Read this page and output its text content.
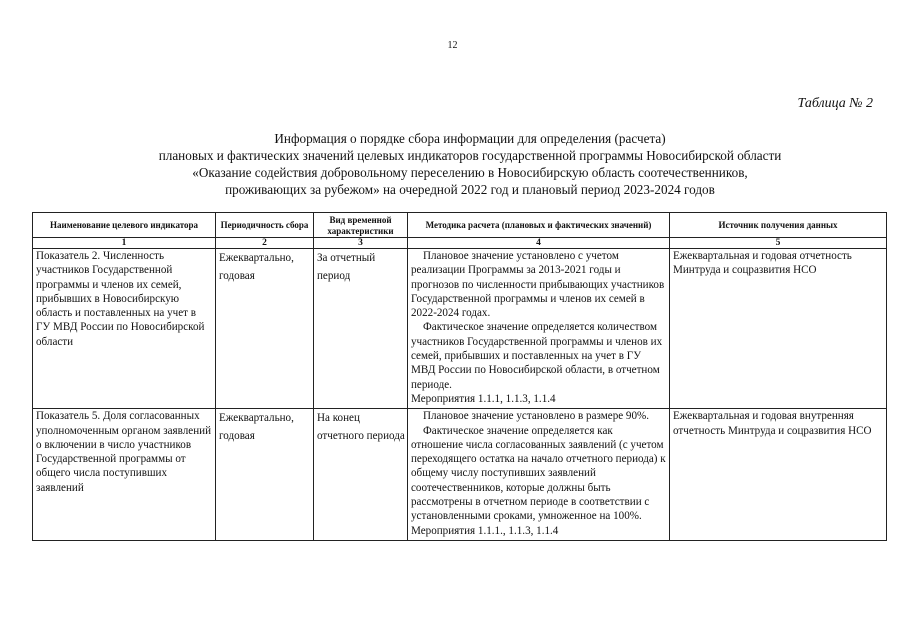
12
Таблица № 2
Информация о порядке сбора информации для определения (расчета)
плановых и фактических значений целевых индикаторов государственной программы Новосибирской области
«Оказание содействия добровольному переселению в Новосибирскую область соотечественников,
проживающих за рубежом» на очередной 2022 год и плановый период 2023-2024 годов
Наименование целевого индикатора	Периодичность сбора	Вид временной характеристики	Методика расчета (плановых и фактических значений)	Источник получения данных
1	2	3	4	5
Показатель 2. Численность участников Государственной программы и членов их семей, прибывших в Новосибирскую область и поставленных на учет в ГУ МВД России по Новосибирской области	Ежеквартально, годовая	За отчетный период	Плановое значение установлено с учетом реализации Программы за 2013-2021 годы и прогнозов по численности прибывающих участников Государственной программы и членов их семей в 2022-2024 годах.
Фактическое значение определяется количеством участников Государственной программы и членов их семей, прибывших и поставленных на учет в ГУ МВД России по Новосибирской области, в отчетном периоде.
Мероприятия 1.1.1, 1.1.3, 1.1.4	Ежеквартальная и годовая отчетность Минтруда и соцразвития НСО
Показатель 5. Доля согласованных уполномоченным органом заявлений о включении в число участников Государственной программы от общего числа поступивших заявлений	Ежеквартально, годовая	На конец отчетного периода	Плановое значение установлено в размере 90%.
Фактическое значение определяется как отношение числа согласованных заявлений (с учетом переходящего остатка на начало отчетного периода) к общему числу поступивших заявлений соотечественников, которые должны быть рассмотрены в отчетном периоде в соответствии с установленными сроками, умноженное на 100%.
Мероприятия 1.1.1., 1.1.3, 1.1.4	Ежеквартальная и годовая внутренняя отчетность Минтруда и соцразвития НСО
